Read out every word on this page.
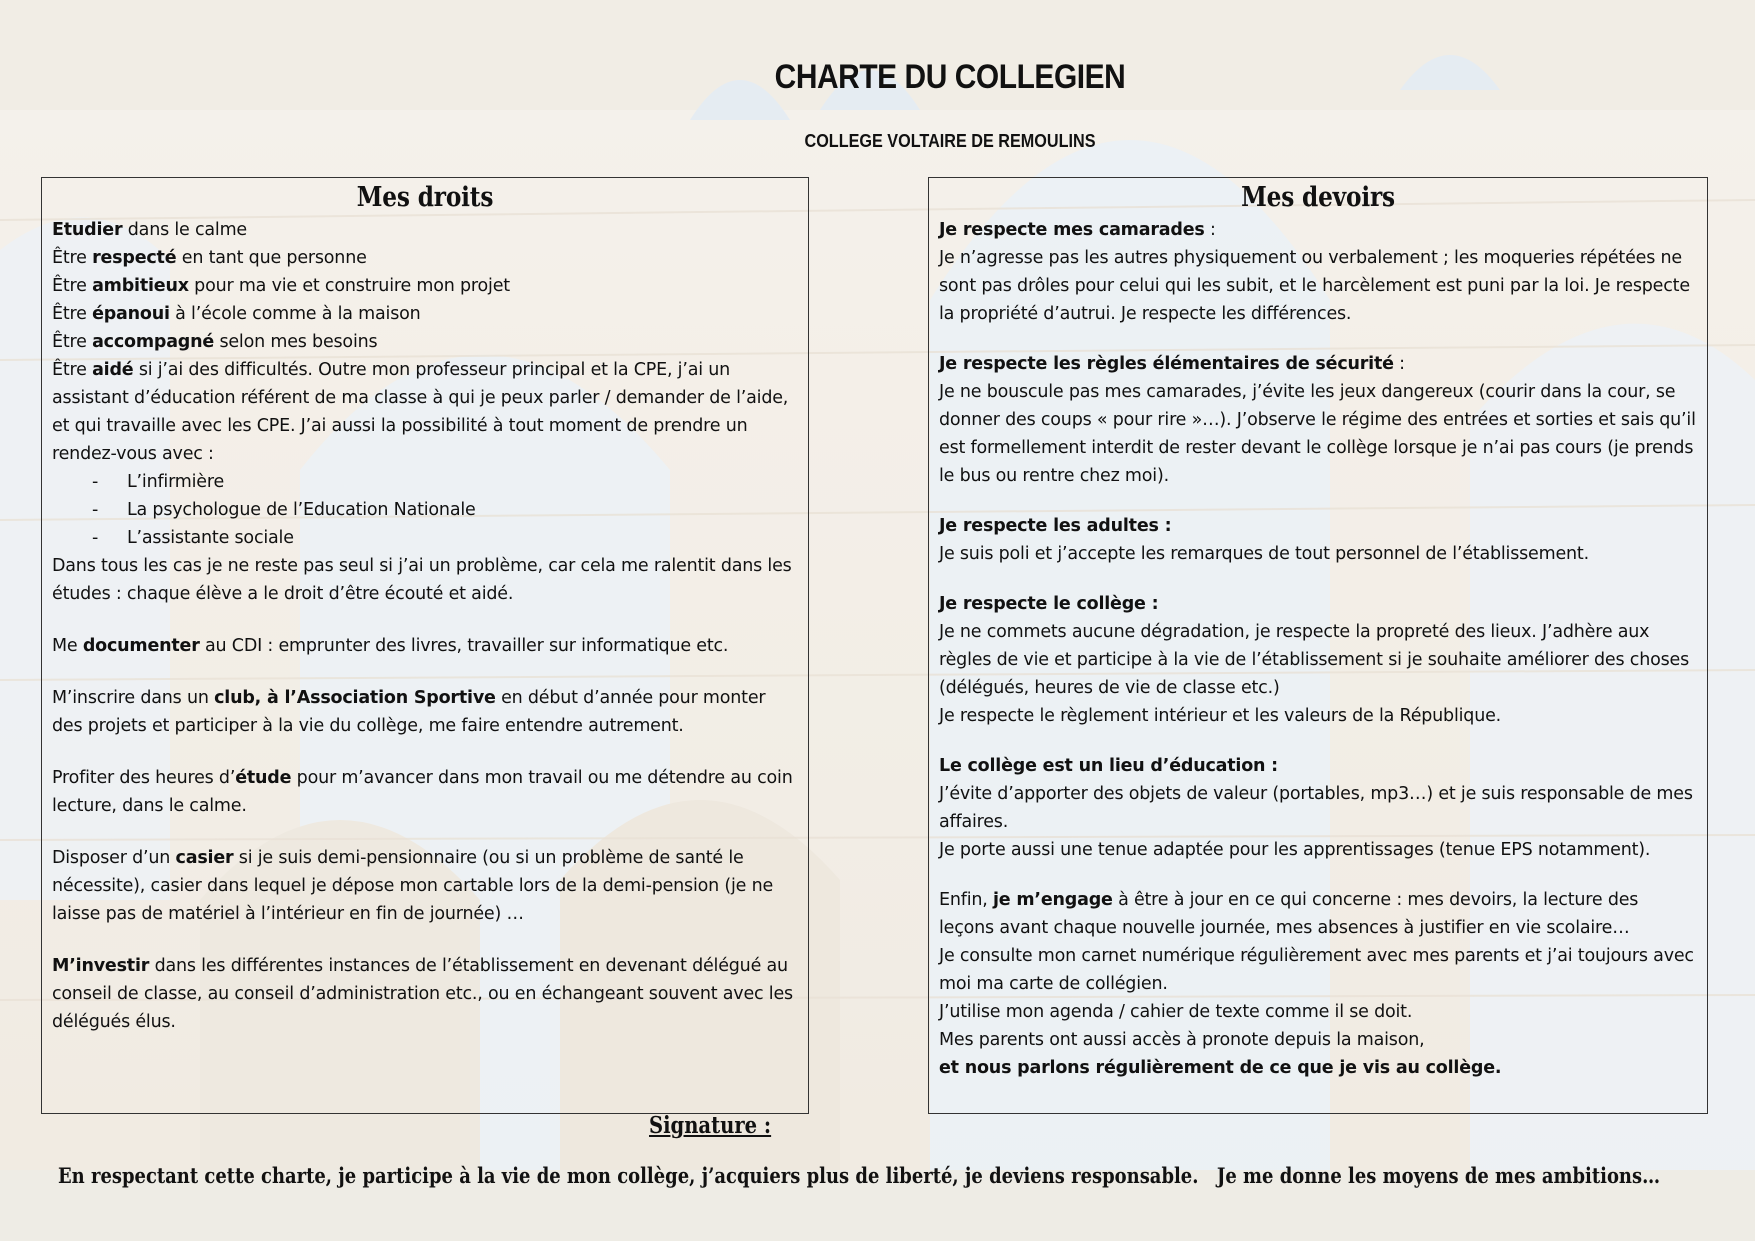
CHARTE DU COLLEGIEN
COLLEGE VOLTAIRE DE REMOULINS
Mes droits

Etudier dans le calme

Être respecté en tant que personne

Être ambitieux pour ma vie et construire mon projet

Être épanoui à l’école comme à la maison

Être accompagné selon mes besoins

Être aidé si j’ai des difficultés. Outre mon professeur principal et la CPE, j’ai un assistant d’éducation référent de ma classe à qui je peux parler / demander de l’aide, et qui travaille avec les CPE. J’ai aussi la possibilité à tout moment de prendre un rendez-vous avec :

- L’infirmière
- La psychologue de l’Education Nationale
- L’assistante sociale

Dans tous les cas je ne reste pas seul si j’ai un problème, car cela me ralentit dans les études : chaque élève a le droit d’être écouté et aidé.

Me documenter au CDI : emprunter des livres, travailler sur informatique etc.

M’inscrire dans un club, à l’Association Sportive en début d’année pour monter des projets et participer à la vie du collège, me faire entendre autrement.

Profiter des heures d’étude pour m’avancer dans mon travail ou me détendre au coin lecture, dans le calme.

Disposer d’un casier si je suis demi-pensionnaire (ou si un problème de santé le nécessite), casier dans lequel je dépose mon cartable lors de la demi-pension (je ne laisse pas de matériel à l’intérieur en fin de journée) …

M’investir dans les différentes instances de l’établissement en devenant délégué au conseil de classe, au conseil d’administration etc., ou en échangeant souvent avec les délégués élus.

Mes devoirs

Je respecte mes camarades :

Je n’agresse pas les autres physiquement ou verbalement ; les moqueries répétées ne sont pas drôles pour celui qui les subit, et le harcèlement est puni par la loi. Je respecte la propriété d’autrui. Je respecte les différences.

Je respecte les règles élémentaires de sécurité :

Je ne bouscule pas mes camarades, j’évite les jeux dangereux (courir dans la cour, se donner des coups « pour rire »…). J’observe le régime des entrées et sorties et sais qu’il est formellement interdit de rester devant le collège lorsque je n’ai pas cours (je prends le bus ou rentre chez moi).

Je respecte les adultes :

Je suis poli et j’accepte les remarques de tout personnel de l’établissement.

Je respecte le collège :

Je ne commets aucune dégradation, je respecte la propreté des lieux. J’adhère aux règles de vie et participe à la vie de l’établissement si je souhaite améliorer des choses (délégués, heures de vie de classe etc.)

Je respecte le règlement intérieur et les valeurs de la République.

Le collège est un lieu d’éducation :

J’évite d’apporter des objets de valeur (portables, mp3…) et je suis responsable de mes affaires.

Je porte aussi une tenue adaptée pour les apprentissages (tenue EPS notamment).

Enfin, je m’engage à être à jour en ce qui concerne : mes devoirs, la lecture des leçons avant chaque nouvelle journée, mes absences à justifier en vie scolaire…

Je consulte mon carnet numérique régulièrement avec mes parents et j’ai toujours avec moi ma carte de collégien.

J’utilise mon agenda / cahier de texte comme il se doit.

Mes parents ont aussi accès à pronote depuis la maison,

et nous parlons régulièrement de ce que je vis au collège.

Signature :
En respectant cette charte, je participe à la vie de mon collège, j’acquiers plus de liberté, je deviens responsable. Je me donne les moyens de mes ambitions…
